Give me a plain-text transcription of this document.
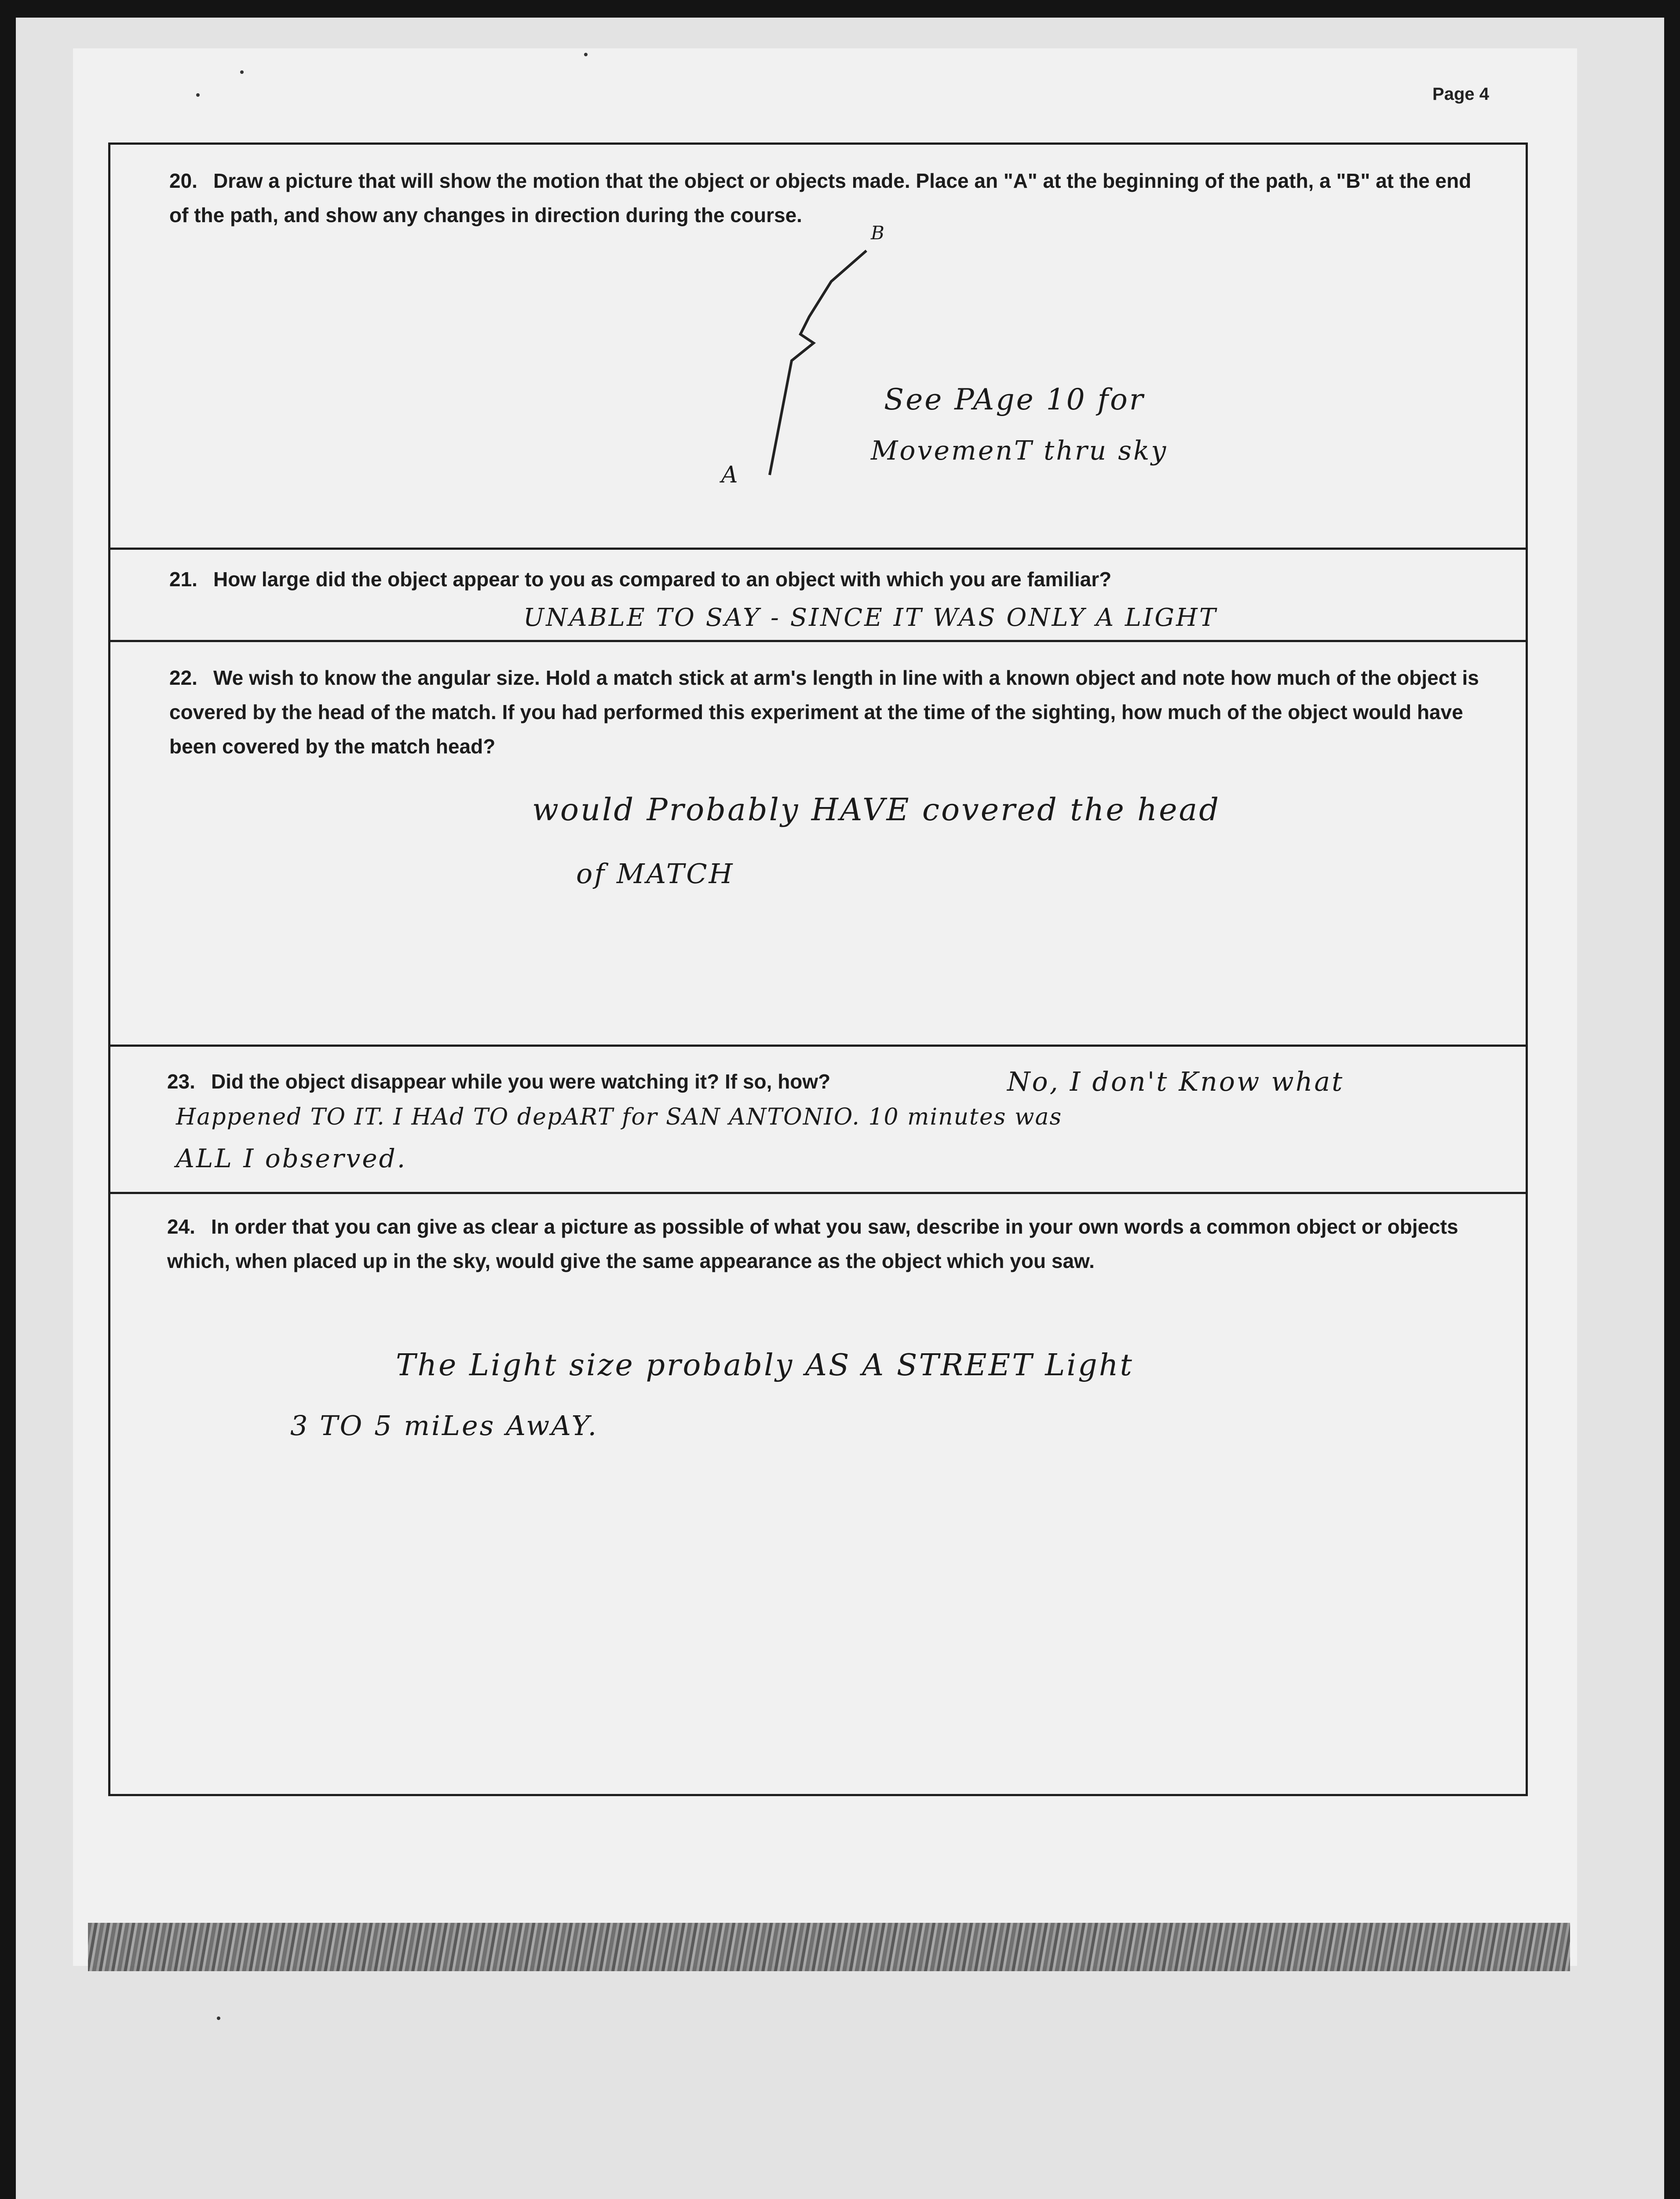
Page 4

20. Draw a picture that will show the motion that the object or objects made. Place an "A" at the beginning of the path, a "B" at the end of the path, and show any changes in direction during the course.

B
A
See PAge 10 for
MovemenT thru sky

21. How large did the object appear to you as compared to an object with which you are familiar?

UNABLE TO SAY - SINCE IT WAS ONLY A LIGHT

22. We wish to know the angular size. Hold a match stick at arm's length in line with a known object and note how much of the object is covered by the head of the match. If you had performed this experiment at the time of the sighting, how much of the object would have been covered by the match head?

would Probably HAVE covered the head
of MATCH

23. Did the object disappear while you were watching it? If so, how?	No, I don't Know what
Happened TO IT. I HAd TO depART for SAN ANTONIO. 10 minutes was
ALL I observed.

24. In order that you can give as clear a picture as possible of what you saw, describe in your own words a common object or objects which, when placed up in the sky, would give the same appearance as the object which you saw.

The Light size probably AS A STREET Light
3 TO 5 miLes AwAY.
